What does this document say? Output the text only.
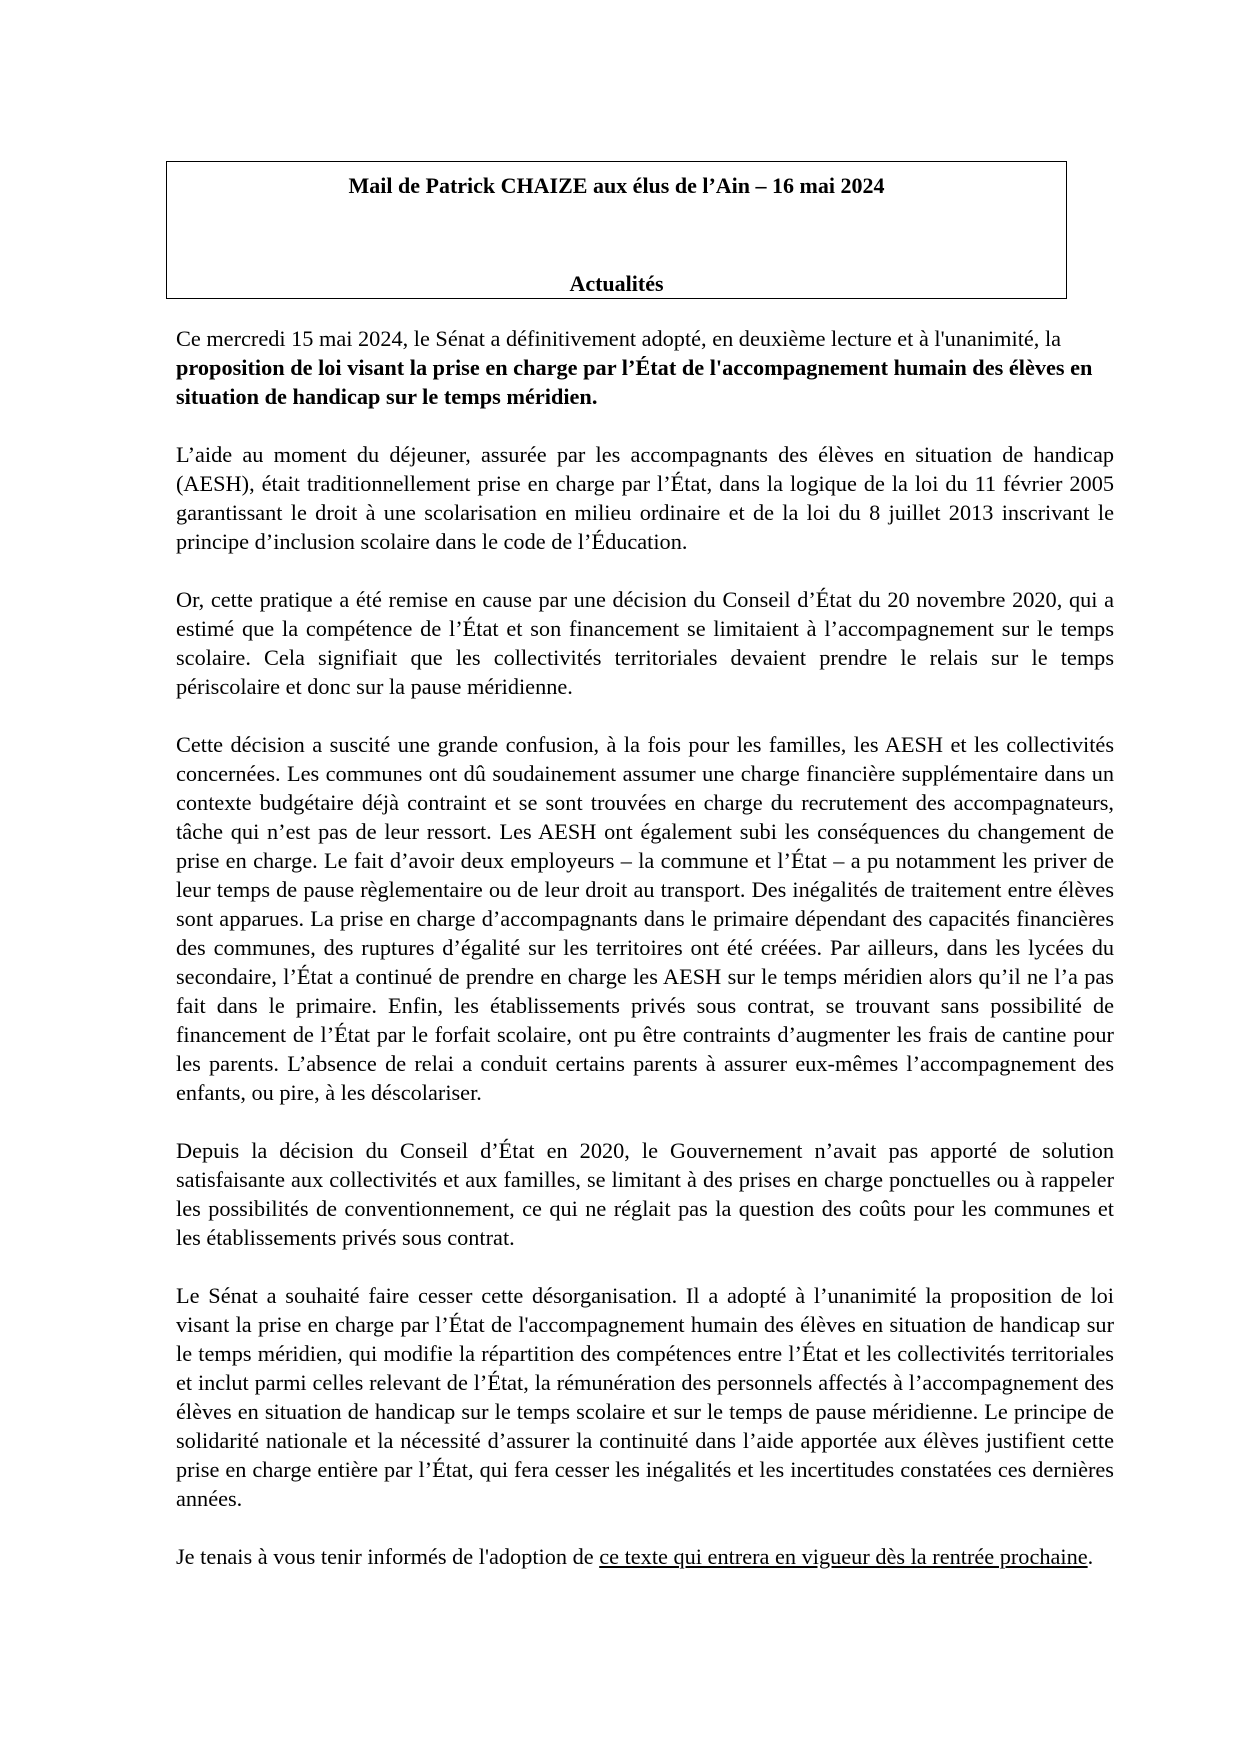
Mail de Patrick CHAIZE aux élus de l’Ain – 16 mai 2024

Actualités

Ce mercredi 15 mai 2024, le Sénat a définitivement adopté, en deuxième lecture et à l'unanimité, la proposition de loi visant la prise en charge par l’État de l'accompagnement humain des élèves en situation de handicap sur le temps méridien.

L’aide au moment du déjeuner, assurée par les accompagnants des élèves en situation de handicap (AESH), était traditionnellement prise en charge par l’État, dans la logique de la loi du 11 février 2005 garantissant le droit à une scolarisation en milieu ordinaire et de la loi du 8 juillet 2013 inscrivant le principe d’inclusion scolaire dans le code de l’Éducation.

Or, cette pratique a été remise en cause par une décision du Conseil d’État du 20 novembre 2020, qui a estimé que la compétence de l’État et son financement se limitaient à l’accompagnement sur le temps scolaire. Cela signifiait que les collectivités territoriales devaient prendre le relais sur le temps périscolaire et donc sur la pause méridienne.

Cette décision a suscité une grande confusion, à la fois pour les familles, les AESH et les collectivités concernées. Les communes ont dû soudainement assumer une charge financière supplémentaire dans un contexte budgétaire déjà contraint et se sont trouvées en charge du recrutement des accompagnateurs, tâche qui n’est pas de leur ressort. Les AESH ont également subi les conséquences du changement de prise en charge. Le fait d’avoir deux employeurs – la commune et l’État – a pu notamment les priver de leur temps de pause règlementaire ou de leur droit au transport. Des inégalités de traitement entre élèves sont apparues. La prise en charge d’accompagnants dans le primaire dépendant des capacités financières des communes, des ruptures d’égalité sur les territoires ont été créées. Par ailleurs, dans les lycées du secondaire, l’État a continué de prendre en charge les AESH sur le temps méridien alors qu’il ne l’a pas fait dans le primaire. Enfin, les établissements privés sous contrat, se trouvant sans possibilité de financement de l’État par le forfait scolaire, ont pu être contraints d’augmenter les frais de cantine pour les parents. L’absence de relai a conduit certains parents à assurer eux-mêmes l’accompagnement des enfants, ou pire, à les déscolariser.

Depuis la décision du Conseil d’État en 2020, le Gouvernement n’avait pas apporté de solution satisfaisante aux collectivités et aux familles, se limitant à des prises en charge ponctuelles ou à rappeler les possibilités de conventionnement, ce qui ne réglait pas la question des coûts pour les communes et les établissements privés sous contrat.

Le Sénat a souhaité faire cesser cette désorganisation. Il a adopté à l’unanimité la proposition de loi visant la prise en charge par l’État de l'accompagnement humain des élèves en situation de handicap sur le temps méridien, qui modifie la répartition des compétences entre l’État et les collectivités territoriales et inclut parmi celles relevant de l’État, la rémunération des personnels affectés à l’accompagnement des élèves en situation de handicap sur le temps scolaire et sur le temps de pause méridienne. Le principe de solidarité nationale et la nécessité d’assurer la continuité dans l’aide apportée aux élèves justifient cette prise en charge entière par l’État, qui fera cesser les inégalités et les incertitudes constatées ces dernières années.

Je tenais à vous tenir informés de l'adoption de ce texte qui entrera en vigueur dès la rentrée prochaine.
